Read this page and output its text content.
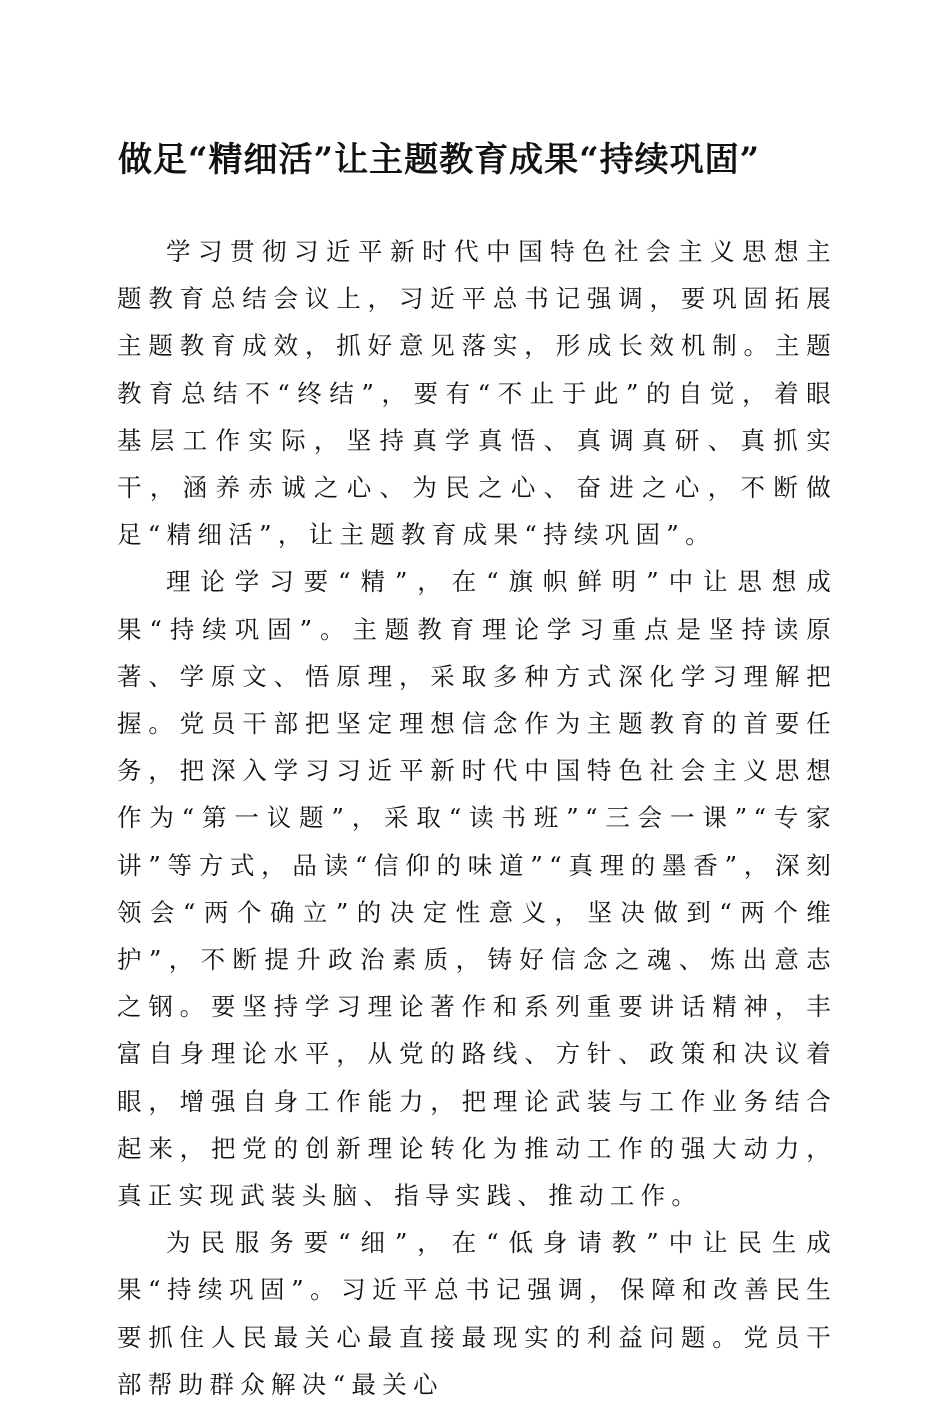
做足“精细活”让主题教育成果“持续巩固”

学习贯彻习近平新时代中国特色社会主义思想主题教育总结会议上，习近平总书记强调，要巩固拓展主题教育成效，抓好意见落实，形成长效机制。主题教育总结不“终结”，要有“不止于此”的自觉，着眼基层工作实际，坚持真学真悟、真调真研、真抓实干，涵养赤诚之心、为民之心、奋进之心，不断做足“精细活”，让主题教育成果“持续巩固”。

理论学习要“精”，在“旗帜鲜明”中让思想成果“持续巩固”。主题教育理论学习重点是坚持读原著、学原文、悟原理，采取多种方式深化学习理解把握。党员干部把坚定理想信念作为主题教育的首要任务，把深入学习习近平新时代中国特色社会主义思想作为“第一议题”，采取“读书班”“三会一课”“专家讲”等方式，品读“信仰的味道”“真理的墨香”，深刻领会“两个确立”的决定性意义，坚决做到“两个维护”，不断提升政治素质，铸好信念之魂、炼出意志之钢。要坚持学习理论著作和系列重要讲话精神，丰富自身理论水平，从党的路线、方针、政策和决议着眼，增强自身工作能力，把理论武装与工作业务结合起来，把党的创新理论转化为推动工作的强大动力，真正实现武装头脑、指导实践、推动工作。

为民服务要“细”，在“低身请教”中让民生成果“持续巩固”。习近平总书记强调，保障和改善民生要抓住人民最关心最直接最现实的利益问题。党员干部帮助群众解决“最关心
